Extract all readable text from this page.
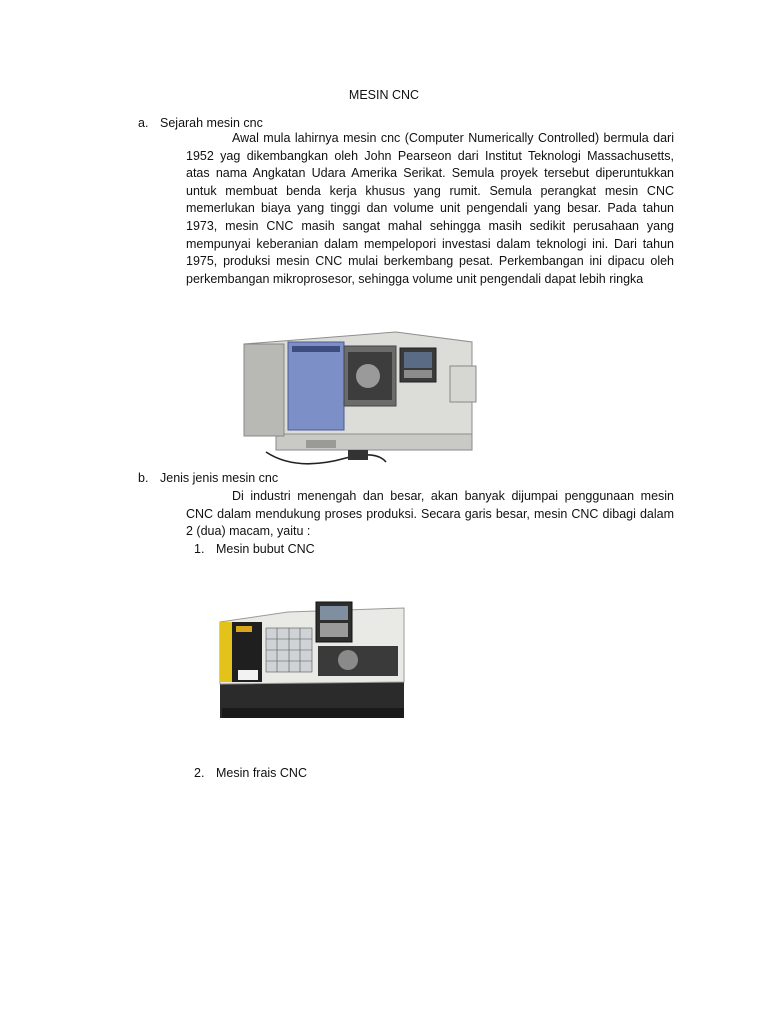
MESIN CNC
a. Sejarah mesin cnc
Awal mula lahirnya mesin cnc (Computer Numerically Controlled) bermula dari 1952 yag dikembangkan oleh John Pearseon dari Institut Teknologi Massachusetts, atas nama Angkatan Udara Amerika Serikat. Semula proyek tersebut diperuntukkan untuk membuat benda kerja khusus yang rumit. Semula perangkat mesin CNC memerlukan biaya yang tinggi dan volume unit pengendali yang besar. Pada tahun 1973, mesin CNC masih sangat mahal sehingga masih sedikit perusahaan yang mempunyai keberanian dalam mempelopori investasi dalam teknologi ini. Dari tahun 1975, produksi mesin CNC mulai berkembang pesat. Perkembangan ini dipacu oleh perkembangan mikroprosesor, sehingga volume unit pengendali dapat lebih ringka
b. Jenis jenis mesin cnc
Di industri menengah dan besar, akan banyak dijumpai penggunaan mesin CNC dalam mendukung proses produksi. Secara garis besar, mesin CNC dibagi dalam 2 (dua) macam, yaitu :
1. Mesin bubut CNC
2. Mesin frais CNC
